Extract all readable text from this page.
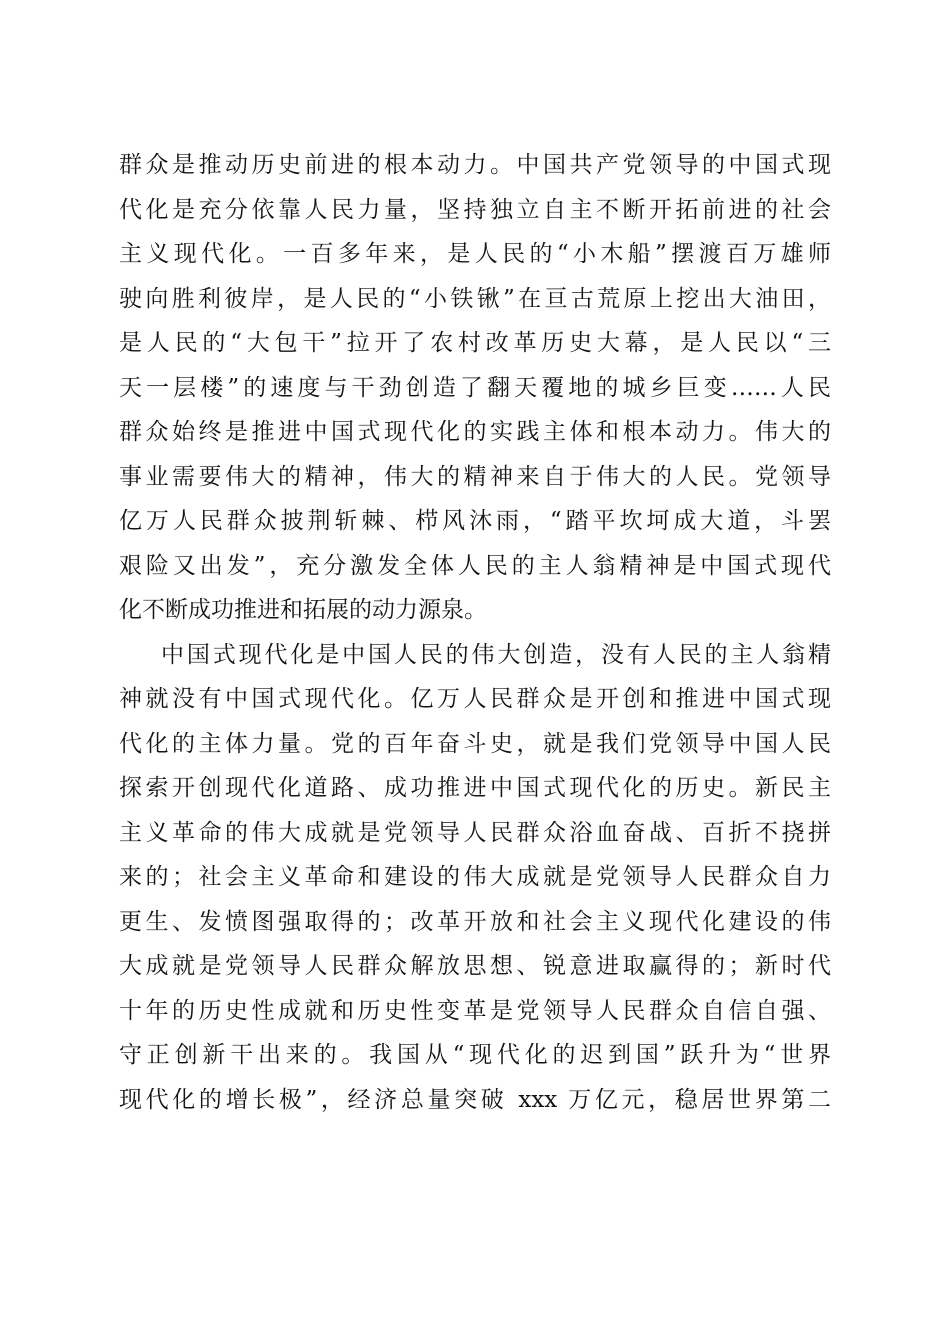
群众是推动历史前进的根本动力。中国共产党领导的中国式现
代化是充分依靠人民力量，坚持独立自主不断开拓前进的社会
主义现代化。一百多年来，是人民的“小木船”摆渡百万雄师
驶向胜利彼岸，是人民的“小铁锹”在亘古荒原上挖出大油田，
是人民的“大包干”拉开了农村改革历史大幕，是人民以“三
天一层楼”的速度与干劲创造了翻天覆地的城乡巨变……人民
群众始终是推进中国式现代化的实践主体和根本动力。伟大的
事业需要伟大的精神，伟大的精神来自于伟大的人民。党领导
亿万人民群众披荆斩棘、栉风沐雨，“踏平坎坷成大道，斗罢
艰险又出发”，充分激发全体人民的主人翁精神是中国式现代
化不断成功推进和拓展的动力源泉。
中国式现代化是中国人民的伟大创造，没有人民的主人翁精
神就没有中国式现代化。亿万人民群众是开创和推进中国式现
代化的主体力量。党的百年奋斗史，就是我们党领导中国人民
探索开创现代化道路、成功推进中国式现代化的历史。新民主
主义革命的伟大成就是党领导人民群众浴血奋战、百折不挠拼
来的；社会主义革命和建设的伟大成就是党领导人民群众自力
更生、发愤图强取得的；改革开放和社会主义现代化建设的伟
大成就是党领导人民群众解放思想、锐意进取赢得的；新时代
十年的历史性成就和历史性变革是党领导人民群众自信自强、
守正创新干出来的。我国从“现代化的迟到国”跃升为“世界
现代化的增长极”，经济总量突破 xxx 万亿元，稳居世界第二
